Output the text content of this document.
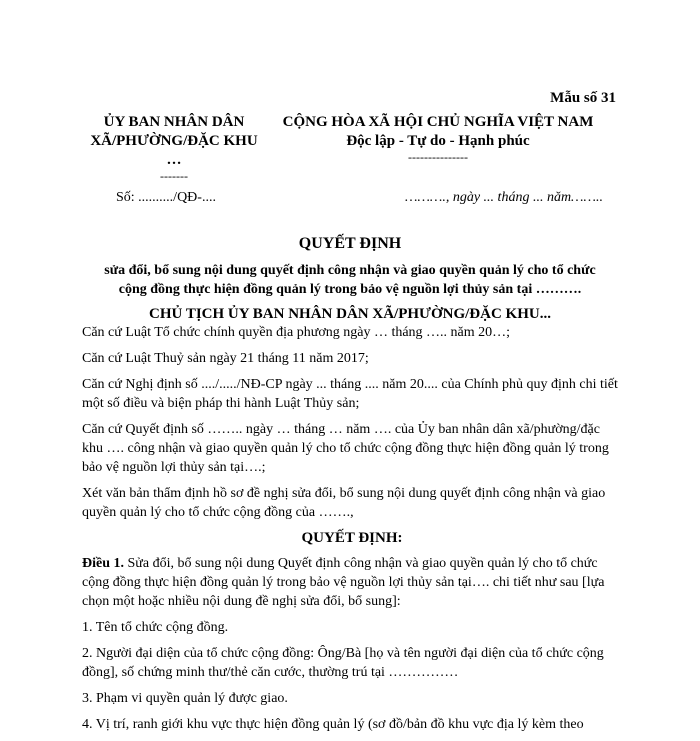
Mẫu số 31
ỦY BAN NHÂN DÂN
XÃ/PHƯỜNG/ĐẶC KHU
…
-------
CỘNG HÒA XÃ HỘI CHỦ NGHĨA VIỆT NAM
Độc lập - Tự do - Hạnh phúc
---------------
Số: ........../QĐ-....	………., ngày ... tháng ... năm……..
QUYẾT ĐỊNH
sửa đổi, bổ sung nội dung quyết định công nhận và giao quyền quản lý cho tổ chức
cộng đồng thực hiện đồng quản lý trong bảo vệ nguồn lợi thủy sản tại ……….
CHỦ TỊCH ỦY BAN NHÂN DÂN XÃ/PHƯỜNG/ĐẶC KHU...

Căn cứ Luật Tổ chức chính quyền địa phương ngày … tháng ….. năm 20…;

Căn cứ Luật Thuỷ sản ngày 21 tháng 11 năm 2017;

Căn cứ Nghị định số ..../...../NĐ-CP ngày ... tháng .... năm 20.... của Chính phủ quy định chi tiết một số điều và biện pháp thi hành Luật Thủy sản;

Căn cứ Quyết định số …….. ngày … tháng … năm …. của Ủy ban nhân dân xã/phường/đặc khu …. công nhận và giao quyền quản lý cho tổ chức cộng đồng thực hiện đồng quản lý trong bảo vệ nguồn lợi thủy sản tại….;

Xét văn bản thẩm định hồ sơ đề nghị sửa đổi, bổ sung nội dung quyết định công nhận và giao quyền quản lý cho tổ chức cộng đồng của …….,

QUYẾT ĐỊNH:

Điều 1. Sửa đổi, bổ sung nội dung Quyết định công nhận và giao quyền quản lý cho tổ chức cộng đồng thực hiện đồng quản lý trong bảo vệ nguồn lợi thủy sản tại…. chi tiết như sau [lựa chọn một hoặc nhiều nội dung đề nghị sửa đổi, bổ sung]:

1. Tên tổ chức cộng đồng.

2. Người đại diện của tổ chức cộng đồng: Ông/Bà [họ và tên người đại diện của tổ chức cộng đồng], số chứng minh thư/thẻ căn cước, thường trú tại ……………

3. Phạm vi quyền quản lý được giao.

4. Vị trí, ranh giới khu vực thực hiện đồng quản lý (sơ đồ/bản đồ khu vực địa lý kèm theo
